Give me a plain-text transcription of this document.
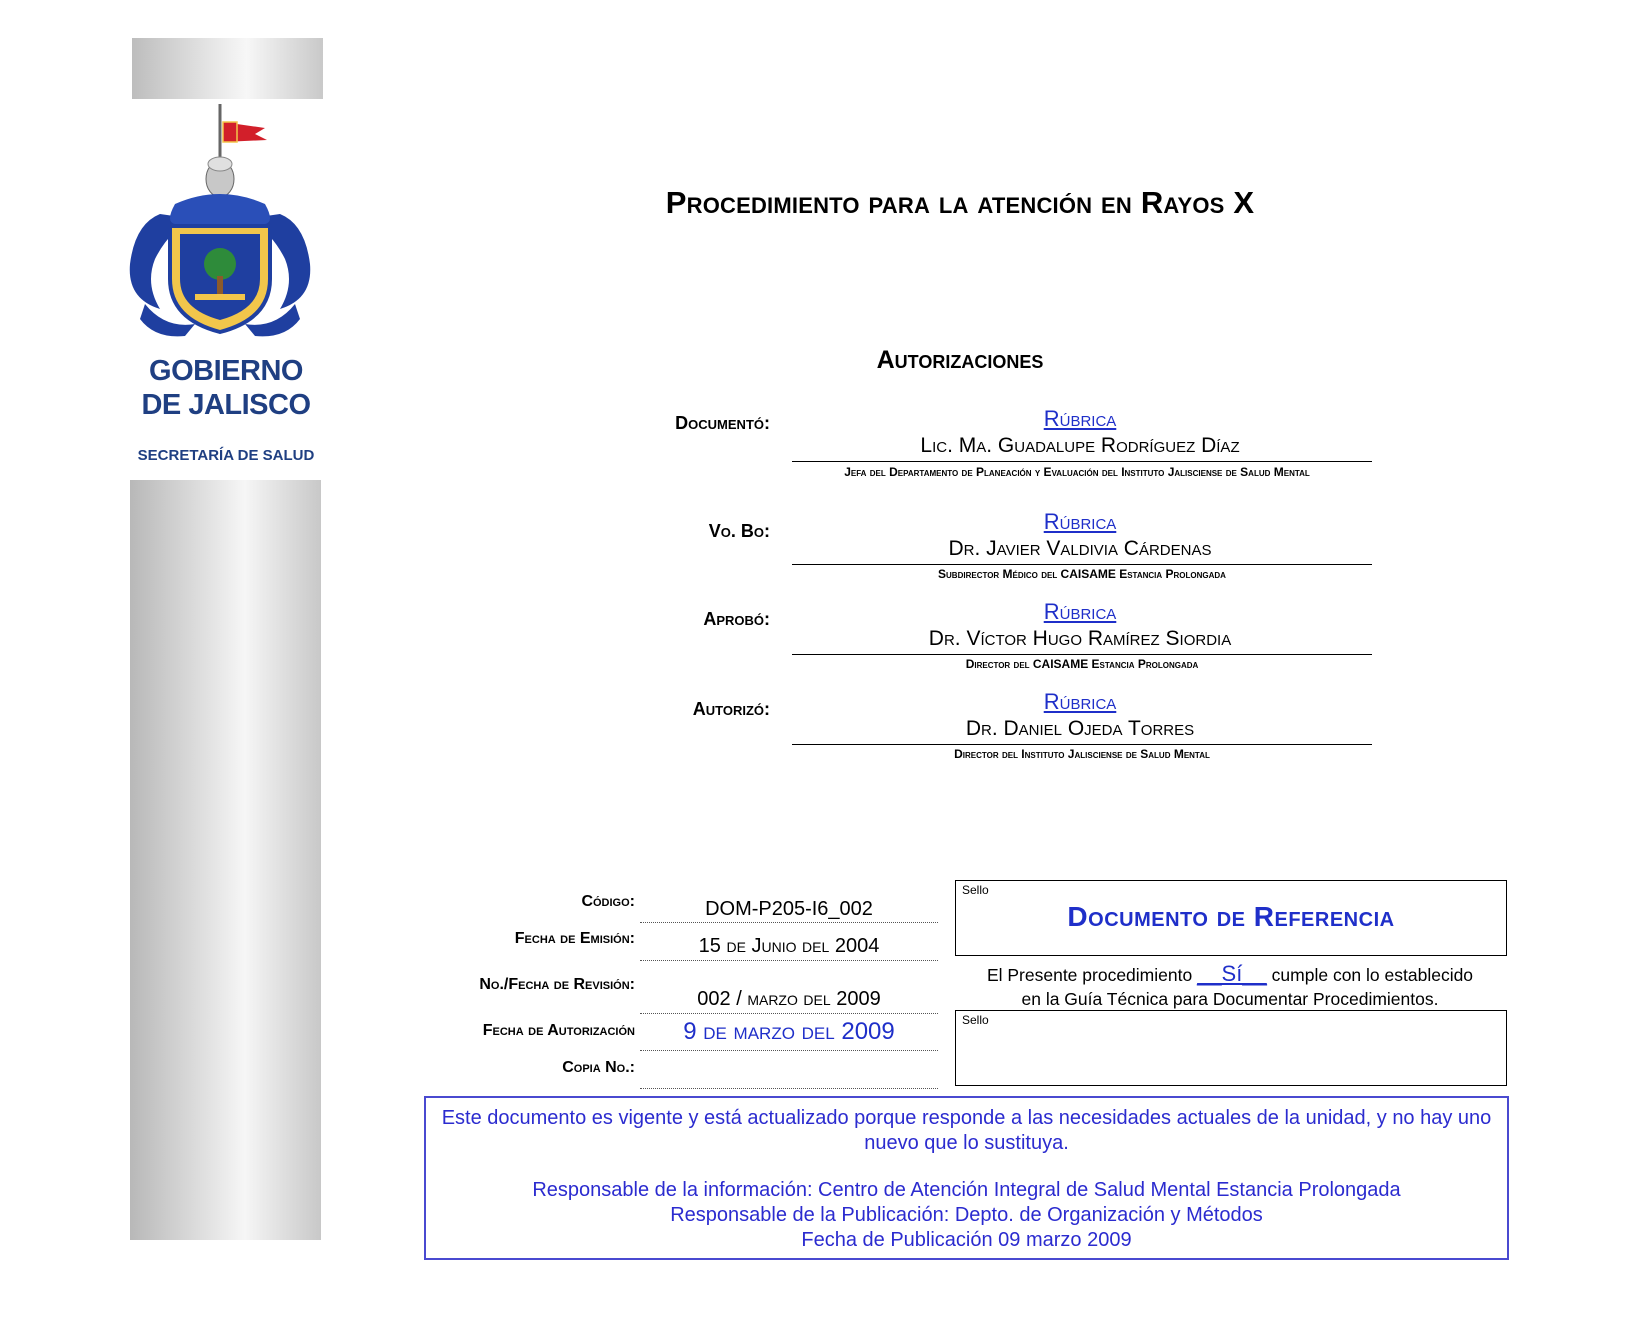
GOBIERNO
DE JALISCO
SECRETARÍA DE SALUD
Procedimiento para la atención en Rayos X
Autorizaciones
Documentó:	Rúbrica
Lic. Ma. Guadalupe Rodríguez Díaz
Jefa del Departamento de Planeación y Evaluación del Instituto Jalisciense de Salud Mental
Vo. Bo:	Rúbrica
Dr. Javier Valdivia Cárdenas
Subdirector Médico del CAISAME Estancia Prolongada
Aprobó:	Rúbrica
Dr. Víctor Hugo Ramírez Siordia
Director del CAISAME Estancia Prolongada
Autorizó:	Rúbrica
Dr. Daniel Ojeda Torres
Director del Instituto Jalisciense de Salud Mental
Código:	DOM-P205-I6_002
Fecha de Emisión:	15 de Junio del 2004
No./Fecha de Revisión:
002 / marzo del 2009
Fecha de Autorización	9 de marzo del 2009
Copia No.:
Sello
Documento de Referencia
El Presente procedimiento __Sí__ cumple con lo establecido
en la Guía Técnica para Documentar Procedimientos.
Sello

Este documento es vigente y está actualizado porque responde a las necesidades actuales de la unidad, y no hay uno nuevo que lo sustituya.

Responsable de la información: Centro de Atención Integral de Salud Mental Estancia Prolongada

Responsable de la Publicación: Depto. de Organización y Métodos

Fecha de Publicación 09 marzo 2009
